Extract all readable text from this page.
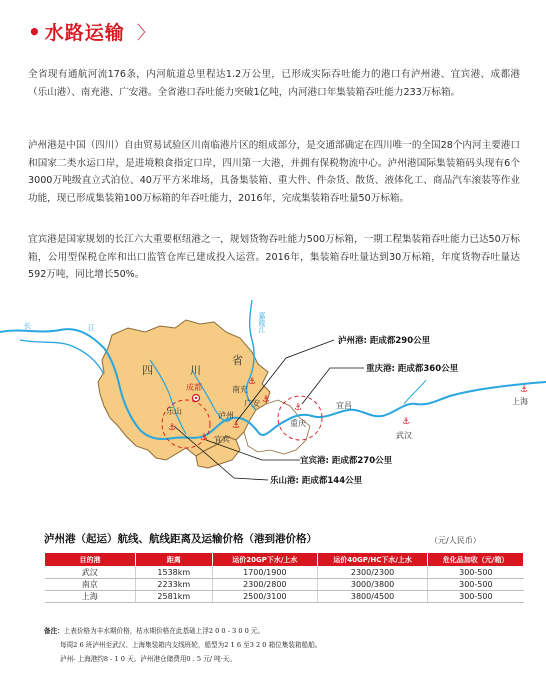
• 水路运输 〉

全省现有通航河流176条，内河航道总里程达1.2万公里，已形成实际吞吐能力的港口有泸州港、宜宾港、成都港（乐山港）、南充港、广安港。全省港口吞吐能力突破1亿吨，内河港口年集装箱吞吐能力233万标箱。

泸州港是中国（四川）自由贸易试验区川南临港片区的组成部分，是交通部确定在四川唯一的全国28个内河主要港口和国家二类水运口岸，是进境粮食指定口岸，四川第一大港，并拥有保税物流中心。泸州港国际集装箱码头现有6个3000万吨级直立式泊位、40万平方米堆场，具备集装箱、重大件、件杂货、散货、液体化工、商品汽车滚装等作业功能，现已形成集装箱100万标箱的年吞吐能力，2016年，完成集装箱吞吐量50万标箱。

宜宾港是国家规划的长江六大重要枢纽港之一，规划货物吞吐能力500万标箱，一期工程集装箱吞吐能力已达50万标箱，公用型保税仓库和出口监管仓库已建成投入运营。2016年，集装箱吞吐量达到30万标箱，年度货物吞吐量达592万吨，同比增长50%。

四	川
省
成都	南充
广安
泸州
乐山
宜宾
重庆
宜昌
武汉
上海
⚓
⚓
⚓
⚓
⚓
⚓
⚓
⚓
长	江	嘉陵江
泸州港: 距成都290公里
重庆港: 距成都360公里
宜宾港: 距成都270公里
乐山港: 距成都144公里
泸州港（起运）航线、航线距离及运输价格（港到港价格）	（元/人民币）
目的港	距离	运价20GP下水/上水	运价40GP/HC下水/上水	危化品加收（元/箱）
武汉	1538km	1700/1900	2300/2300	300-500
南京	2233km	2300/2800	3000/3800	300-500
上海	2581km	2500/3100	3800/4500	300-500
备注：上表价格为丰水期价格，枯水期价格在此基础上浮2 0 0 - 3 0 0 元。
每周2 6 班泸州至武汉、上海集装箱内支线班轮，船型为2 1 6 至3 2 0 箱位集装箱船舶。
泸州- 上海港约8 - 1 0 天。泸州港仓储费用0 . 5 元/ 吨·天。
